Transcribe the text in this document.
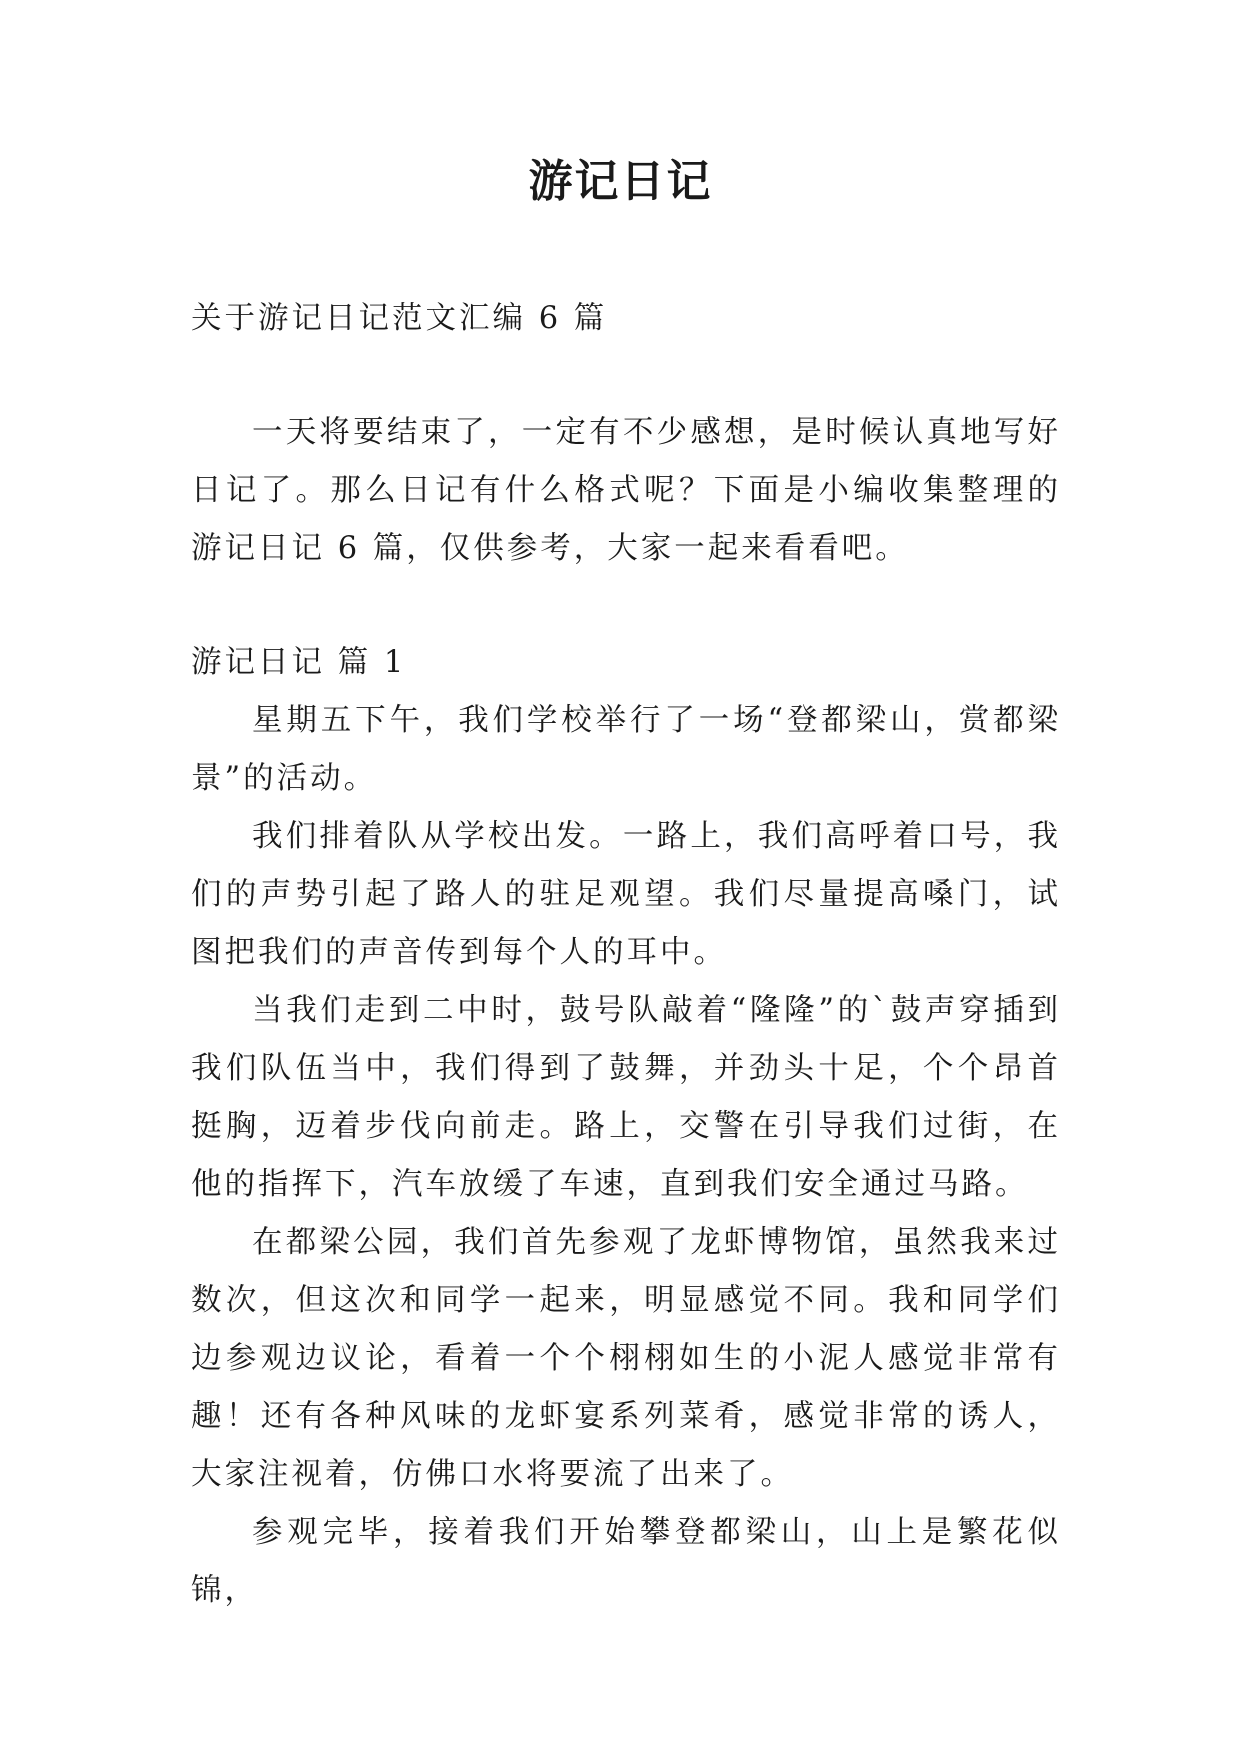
游记日记

关于游记日记范文汇编 6 篇

一天将要结束了，一定有不少感想，是时候认真地写好日记了。那么日记有什么格式呢？下面是小编收集整理的游记日记 6 篇，仅供参考，大家一起来看看吧。

游记日记 篇 1

星期五下午，我们学校举行了一场“登都梁山，赏都梁景”的活动。

我们排着队从学校出发。一路上，我们高呼着口号，我们的声势引起了路人的驻足观望。我们尽量提高嗓门，试图把我们的声音传到每个人的耳中。

当我们走到二中时，鼓号队敲着“隆隆”的`鼓声穿插到我们队伍当中，我们得到了鼓舞，并劲头十足，个个昂首挺胸，迈着步伐向前走。路上，交警在引导我们过街，在他的指挥下，汽车放缓了车速，直到我们安全通过马路。

在都梁公园，我们首先参观了龙虾博物馆，虽然我来过数次，但这次和同学一起来，明显感觉不同。我和同学们边参观边议论，看着一个个栩栩如生的小泥人感觉非常有趣！还有各种风味的龙虾宴系列菜肴，感觉非常的诱人，大家注视着，仿佛口水将要流了出来了。

参观完毕，接着我们开始攀登都梁山，山上是繁花似锦，
